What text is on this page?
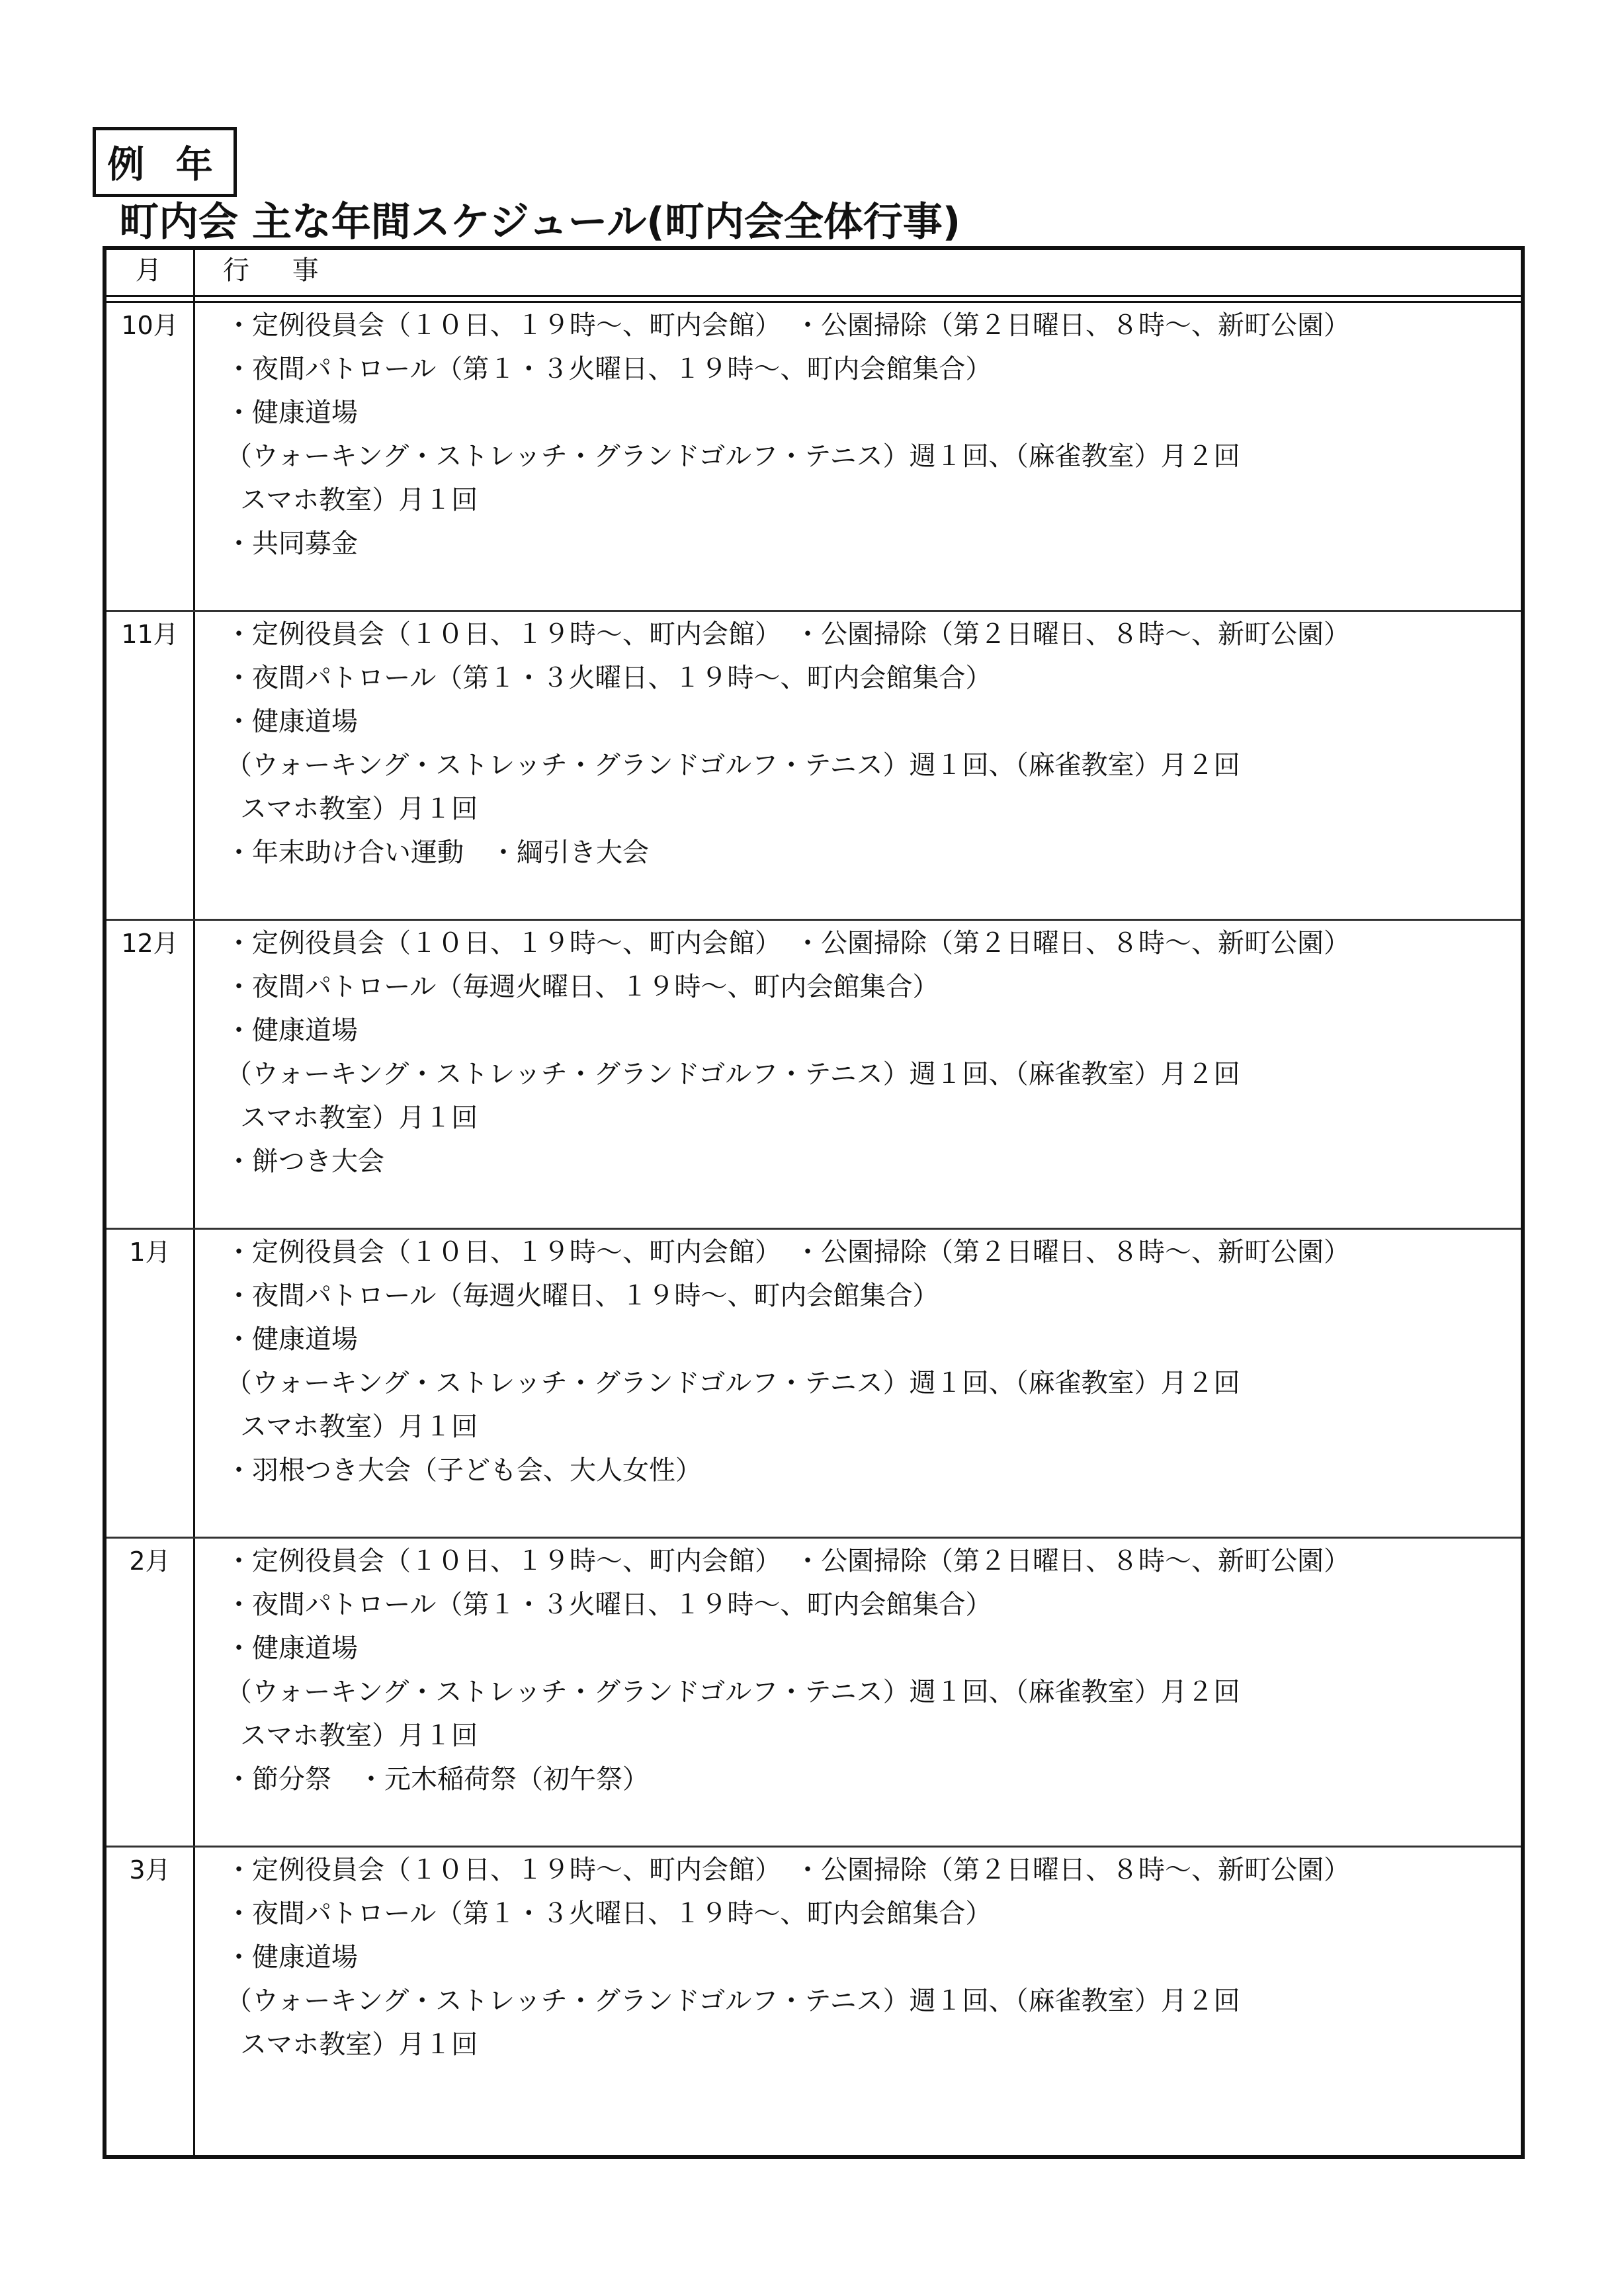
例 年
町内会 主な年間スケジュール(町内会全体行事)
月	行 事
10月	・定例役員会（１０日、１９時～、町内会館）　・公園掃除（第２日曜日、８時～、新町公園）
・夜間パトロール（第１・３火曜日、１９時～、町内会館集合）
・健康道場
（ウォーキング・ストレッチ・グランドゴルフ・テニス）週１回、（麻雀教室）月２回
スマホ教室）月１回
・共同募金
11月	・定例役員会（１０日、１９時～、町内会館）　・公園掃除（第２日曜日、８時～、新町公園）
・夜間パトロール（第１・３火曜日、１９時～、町内会館集合）
・健康道場
（ウォーキング・ストレッチ・グランドゴルフ・テニス）週１回、（麻雀教室）月２回
スマホ教室）月１回
・年末助け合い運動　・綱引き大会
12月	・定例役員会（１０日、１９時～、町内会館）　・公園掃除（第２日曜日、８時～、新町公園）
・夜間パトロール（毎週火曜日、１９時～、町内会館集合）
・健康道場
（ウォーキング・ストレッチ・グランドゴルフ・テニス）週１回、（麻雀教室）月２回
スマホ教室）月１回
・餅つき大会
1月	・定例役員会（１０日、１９時～、町内会館）　・公園掃除（第２日曜日、８時～、新町公園）
・夜間パトロール（毎週火曜日、１９時～、町内会館集合）
・健康道場
（ウォーキング・ストレッチ・グランドゴルフ・テニス）週１回、（麻雀教室）月２回
スマホ教室）月１回
・羽根つき大会（子ども会、大人女性）
2月	・定例役員会（１０日、１９時～、町内会館）　・公園掃除（第２日曜日、８時～、新町公園）
・夜間パトロール（第１・３火曜日、１９時～、町内会館集合）
・健康道場
（ウォーキング・ストレッチ・グランドゴルフ・テニス）週１回、（麻雀教室）月２回
スマホ教室）月１回
・節分祭　・元木稲荷祭（初午祭）
3月	・定例役員会（１０日、１９時～、町内会館）　・公園掃除（第２日曜日、８時～、新町公園）
・夜間パトロール（第１・３火曜日、１９時～、町内会館集合）
・健康道場
（ウォーキング・ストレッチ・グランドゴルフ・テニス）週１回、（麻雀教室）月２回
スマホ教室）月１回
